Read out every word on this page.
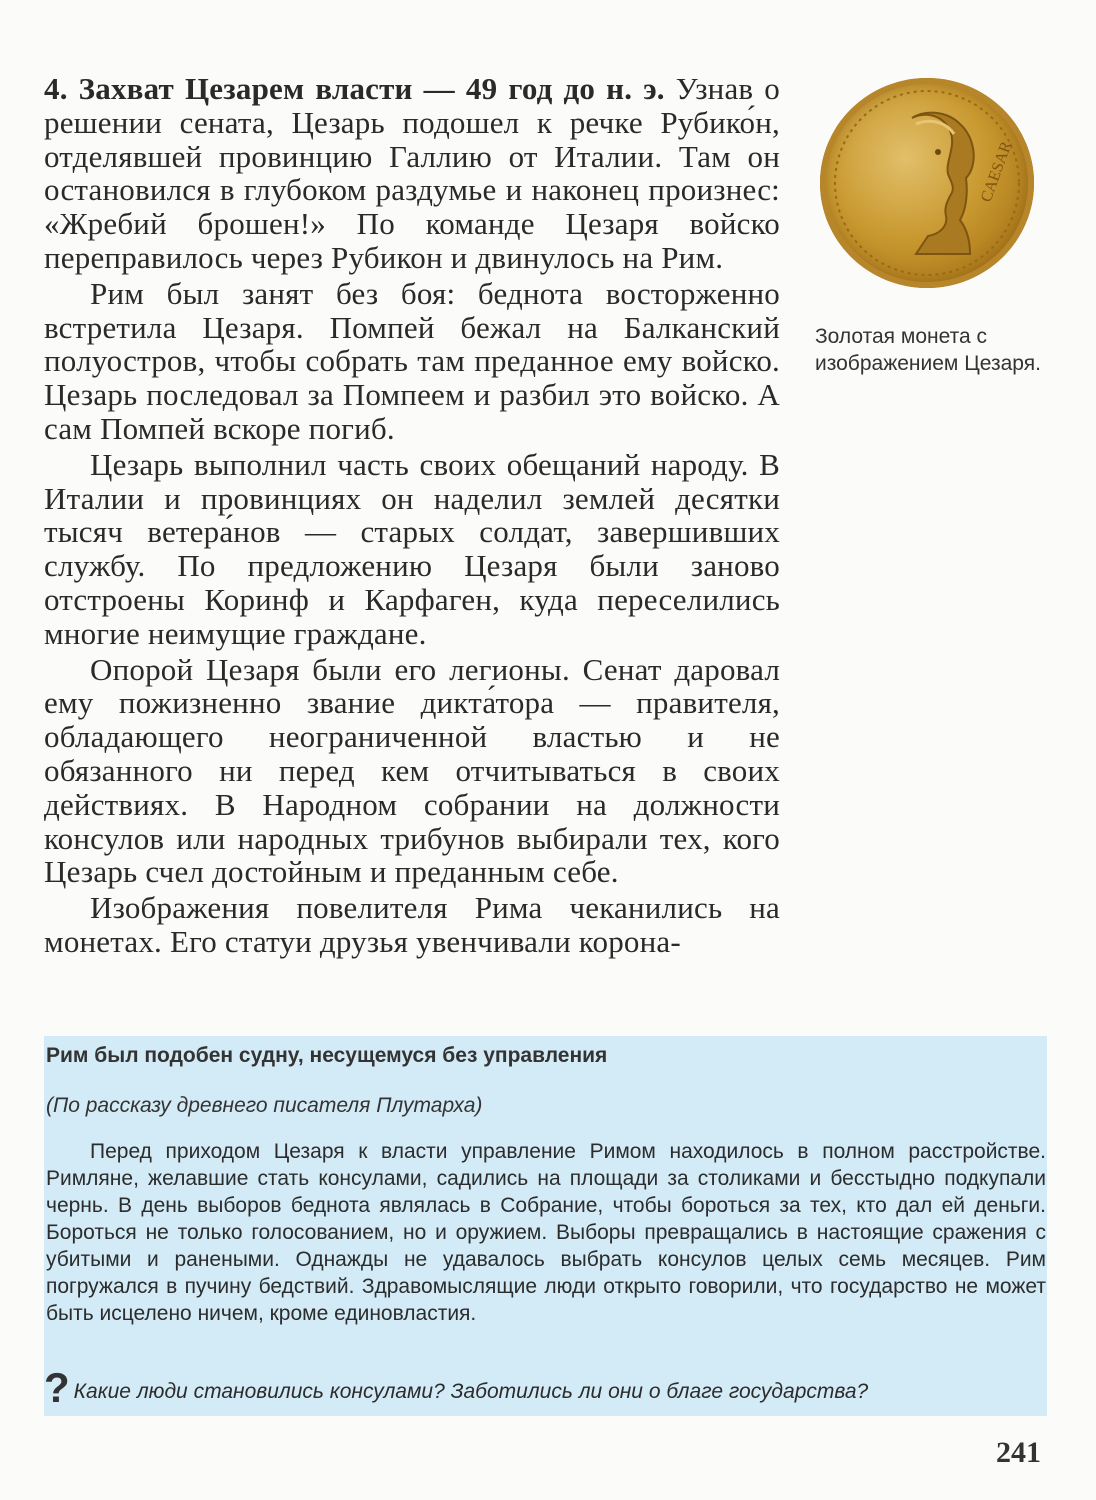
4. Захват Цезарем власти — 49 год до н. э. Узнав о решении сената, Цезарь подошел к речке Рубико́н, отделявшей провинцию Галлию от Италии. Там он остановился в глубоком раздумье и наконец произнес: «Жребий брошен!» По команде Цезаря войско переправилось через Рубикон и двинулось на Рим.

Рим был занят без боя: беднота восторженно встретила Цезаря. Помпей бежал на Балканский полуостров, чтобы собрать там преданное ему войско. Цезарь последовал за Помпеем и разбил это войско. А сам Помпей вскоре погиб.

Цезарь выполнил часть своих обещаний народу. В Италии и провинциях он наделил землей десятки тысяч ветера́нов — старых солдат, завершивших службу. По предложению Цезаря были заново отстроены Коринф и Карфаген, куда переселились многие неимущие граждане.

Опорой Цезаря были его легионы. Сенат даровал ему пожизненно звание дикта́тора — правителя, обладающего неограниченной властью и не обязанного ни перед кем отчитываться в своих действиях. В Народном собрании на должности консулов или народных трибунов выбирали тех, кого Цезарь счел достойным и преданным себе.

Изображения повелителя Рима чеканились на монетах. Его статуи друзья увенчивали корона-

CAESAR
Золотая монета с изображением Цезаря.
Рим был подобен судну, несущемуся без управления
(По рассказу древнего писателя Плутарха)

Перед приходом Цезаря к власти управление Римом находилось в полном расстройстве. Римляне, желавшие стать консулами, садились на площади за столиками и бесстыдно подкупали чернь. В день выборов беднота являлась в Собрание, чтобы бороться за тех, кто дал ей деньги. Бороться не только голосованием, но и оружием. Выборы превращались в настоящие сражения с убитыми и ранеными. Однажды не удавалось выбрать консулов целых семь месяцев. Рим погружался в пучину бедствий. Здравомыслящие люди открыто говорили, что государство не может быть исцелено ничем, кроме единовластия.

? Какие люди становились консулами? Заботились ли они о благе государства?
241
